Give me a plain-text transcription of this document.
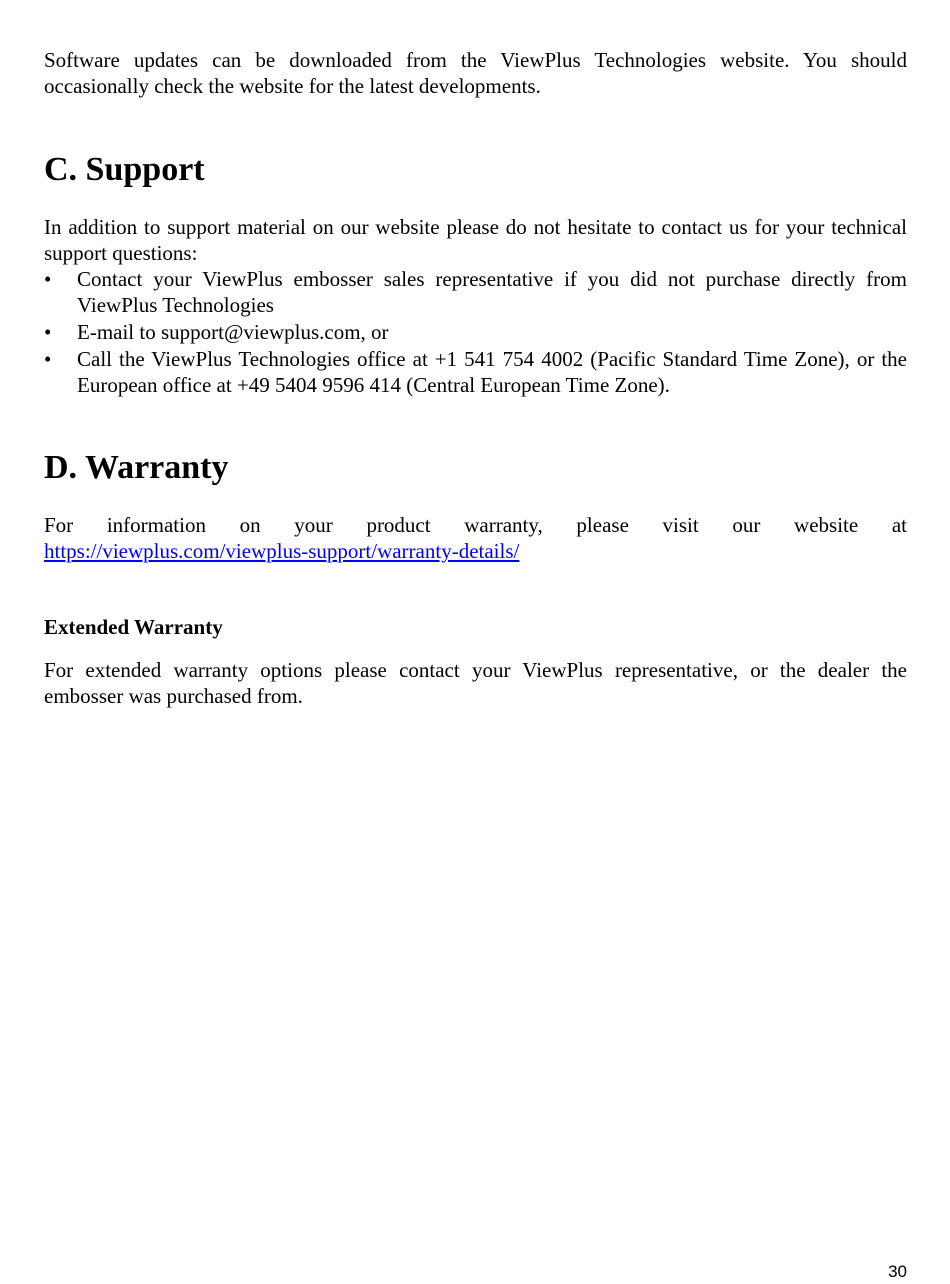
Software updates can be downloaded from the ViewPlus Technologies website. You should occasionally check the website for the latest developments.

C. Support

In addition to support material on our website please do not hesitate to contact us for your technical support questions:

• Contact your ViewPlus embosser sales representative if you did not purchase directly from ViewPlus Technologies
• E-mail to support@viewplus.com, or
• Call the ViewPlus Technologies office at +1 541 754 4002 (Pacific Standard Time Zone), or the European office at +49 5404 9596 414 (Central European Time Zone).
D. Warranty
For information on your product warranty, please visit our website at
https://viewplus.com/viewplus-support/warranty-details/
Extended Warranty

For extended warranty options please contact your ViewPlus representative, or the dealer the embosser was purchased from.

30
